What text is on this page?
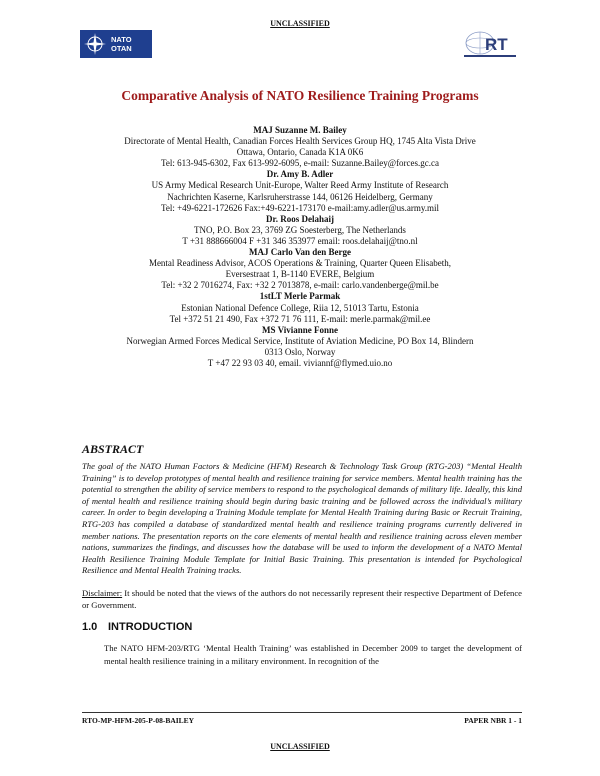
UNCLASSIFIED
NATO
OTAN	RT
Comparative Analysis of NATO Resilience Training Programs
MAJ Suzanne M. Bailey
Directorate of Mental Health, Canadian Forces Health Services Group HQ, 1745 Alta Vista Drive
Ottawa, Ontario, Canada K1A 0K6
Tel: 613-945-6302, Fax 613-992-6095, e-mail: Suzanne.Bailey@forces.gc.ca
Dr. Amy B. Adler
US Army Medical Research Unit-Europe, Walter Reed Army Institute of Research
Nachrichten Kaserne, Karlsruherstrasse 144, 06126 Heidelberg, Germany
Tel: +49-6221-172626 Fax:+49-6221-173170 e-mail:amy.adler@us.army.mil
Dr. Roos Delahaij
TNO, P.O. Box 23, 3769 ZG Soesterberg, The Netherlands
T +31 888666004 F +31 346 353977 email: roos.delahaij@tno.nl
MAJ Carlo Van den Berge
Mental Readiness Advisor, ACOS Operations & Training, Quarter Queen Elisabeth,
Eversestraat 1, B-1140 EVERE, Belgium
Tel: +32 2 7016274, Fax: +32 2 7013878, e-mail: carlo.vandenberge@mil.be
1stLT Merle Parmak
Estonian National Defence College, Riia 12, 51013 Tartu, Estonia
Tel +372 51 21 490, Fax +372 71 76 111, E-mail: merle.parmak@mil.ee
MS Vivianne Fonne
Norwegian Armed Forces Medical Service, Institute of Aviation Medicine, PO Box 14, Blindern
0313 Oslo, Norway
T +47 22 93 03 40, email. viviannf@flymed.uio.no
ABSTRACT
The goal of the NATO Human Factors & Medicine (HFM) Research & Technology Task Group (RTG-203) “Mental Health Training” is to develop prototypes of mental health and resilience training for service members. Mental health training has the potential to strengthen the ability of service members to respond to the psychological demands of military life. Ideally, this kind of mental health and resilience training should begin during basic training and be followed across the individual’s military career. In order to begin developing a Training Module template for Mental Health Training during Basic or Recruit Training, RTG-203 has compiled a database of standardized mental health and resilience training programs currently delivered in member nations. The presentation reports on the core elements of mental health and resilience training across eleven member nations, summarizes the findings, and discusses how the database will be used to inform the development of a NATO Mental Health Resilience Training Module Template for Initial Basic Training. This presentation is intended for Psychological Resilience and Mental Health Training tracks.
Disclaimer: It should be noted that the views of the authors do not necessarily represent their respective Department of Defence or Government.
1.0 INTRODUCTION
The NATO HFM-203/RTG ‘Mental Health Training’ was established in December 2009 to target the development of mental health resilience training in a military environment. In recognition of the
RTO-MP-HFM-205-P-08-BAILEY	PAPER NBR 1 - 1
UNCLASSIFIED
